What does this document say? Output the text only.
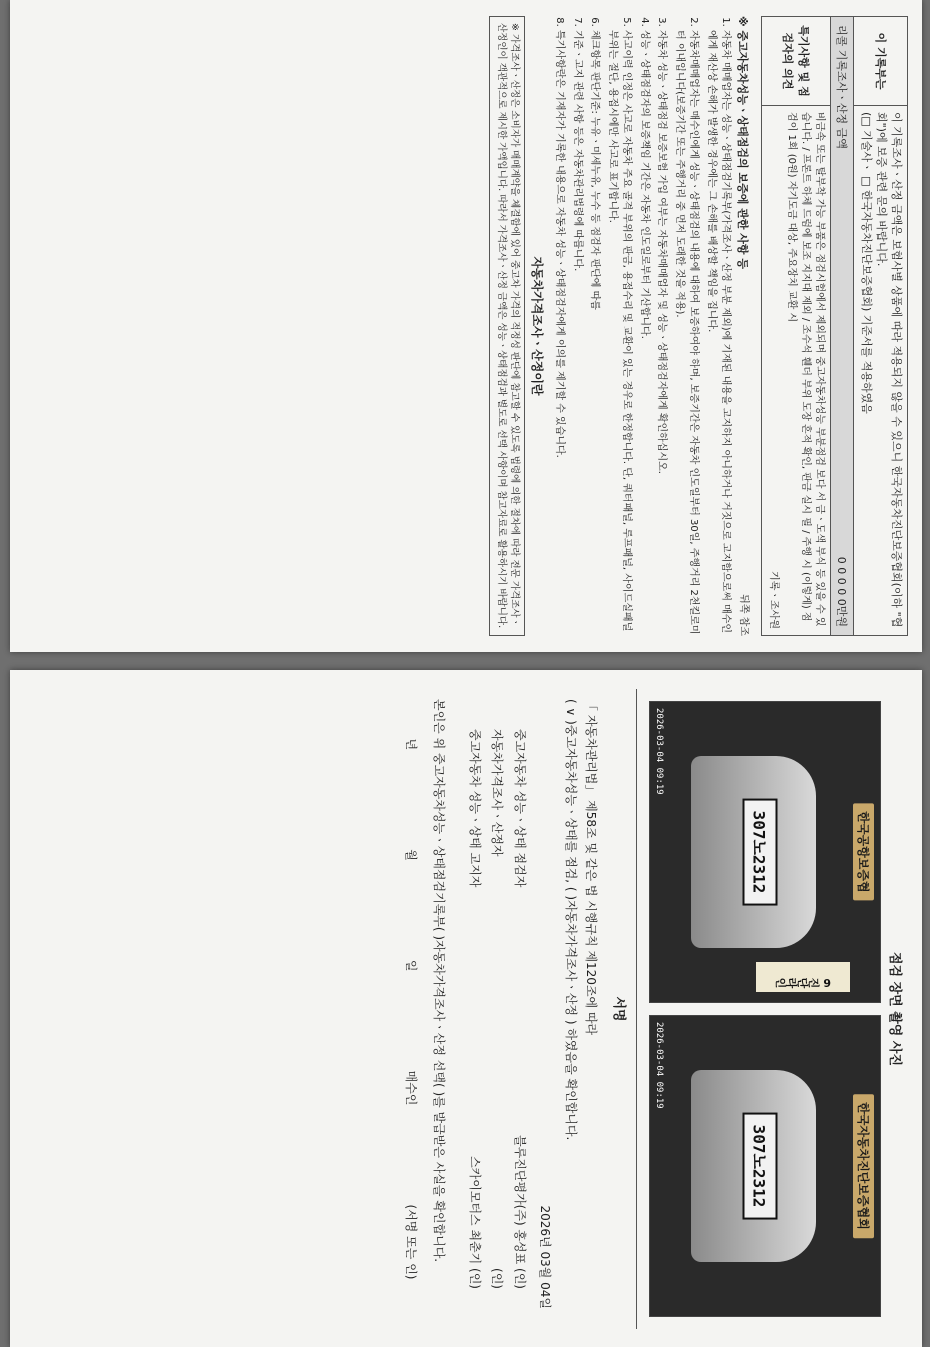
이 기록부는
이 기록조사ㆍ산정 금액은 보험사별 상품에 따라 적용되지 않을 수 있으니 한국자동차진단보증협회(이하 "협회")에 보증 관련 문의 바랍니다.
(□ 기술사ㆍ □ 한국자동차진단보증협회) 기준서를 적용하였음
리콜 기록조사ㆍ산정 금액
0 0 0 0 0만원
특기사항 및 점검자의 의견
비금속 또는 탈부착 가능 부품은 점검시험에서 제외되며 중고자동차성능 부분점검 보다 서 금ㆍ도색 부식 등 있을 수 있습니다. / 프론트 하체 드럼에 보조 지지대 제외 / 조수석 휀더 부위 도장 흔적 확인, 판금 실시 필 / 주행 시 (이렇게) 점검이 1회 (0원) 자기도금 대상, 주요장치 교환 시
기록ㆍ조사원
※ 중고자동차성능ㆍ상태점검의 보증에 관한 사항 등
뒤쪽 참조
1. 자동차 매매업자는 성능ㆍ상태점검기록부(가격조사ㆍ산정 부분 제외)에 기재된 내용을 고지하지 아니하거나 거짓으로 고지함으로써 매수인에게 재산상 손해가 발생한 경우에는 그 손해를 배상할 책임을 집니다.
2. 자동차매매업자는 매수인에게 성능ㆍ상태점검의 내용에 대하여 보증하여야 하며, 보증기간은 자동차 인도일부터 30일, 주행거리 2천킬로미터 이내입니다(보증기간 또는 주행거리 중 먼저 도래한 것을 적용).
3. 자동차 성능ㆍ상태점검 보증보험 가입 여부는 자동차매매업자 및 성능ㆍ상태점검자에게 확인하십시오.
4. 성능ㆍ상태점검자의 보증책임 기간은 자동차 인도일로부터 기산합니다.
5. 사고이력 인정은 사고로 자동차 주요 골격 부위의 판금, 용접수리 및 교환이 있는 경우로 한정합니다. 단, 쿼터패널, 루프패널, 사이드실패널 부위는 절단, 용접시에만 사고로 표기합니다.
6. 체크항목 판단기준: 누유ㆍ미세누유, 누수 등 점검자 판단에 따름
7. 기준ㆍ고지 관련 사항 등은 자동차관리법령에 따릅니다.
8. 특기사항란은 기재자가 기록한 내용으로 자동차 성능ㆍ상태점검자에게 이의를 제기할 수 있습니다.
자동차가격조사ㆍ산정이란
※ 가격조사ㆍ산정은 소비자가 매매계약을 체결함에 있어 중고차 가격의 적정성 판단에 참고할 수 있도록 법령에 의한 절차에 따라 전문 가격조사ㆍ산정인이 객관적으로 제시한 가액입니다. 따라서 가격조사ㆍ산정 금액은 성능ㆍ상태점검과 별도로 선택 사항이며 참고자료로 활용하시기 바랍니다.
점검 장면 촬영 사진
한국공항보증협
307노2312
6 진단라인
2026-03-04 09:19
한국자동차진단보증협회
307노2312
2026-03-04 09:19
서명
「 자동차관리법」 제58조 및 같은 법 시행규칙 제120조에 따라
( ∨ )중고자동차성능ㆍ상태를 점검, ( )자동차가격조사ㆍ산정 ) 하였음을 확인합니다.
2026년 03월 04일
중고자동차 성능ㆍ상태 점검자
블루진단평가(주) 홍성표 (인)
자동차가격조사ㆍ산정자
(인)
중고자동차 성능ㆍ상태 고지자
스카이모터스 최춘기 (인)
본인은 위 중고자동차성능ㆍ상태점검기록부( )자동차가격조사ㆍ산정 선택( )를 발급받은 사실을 확인합니다.
년
월
일
매수인
(서명 또는 인)
